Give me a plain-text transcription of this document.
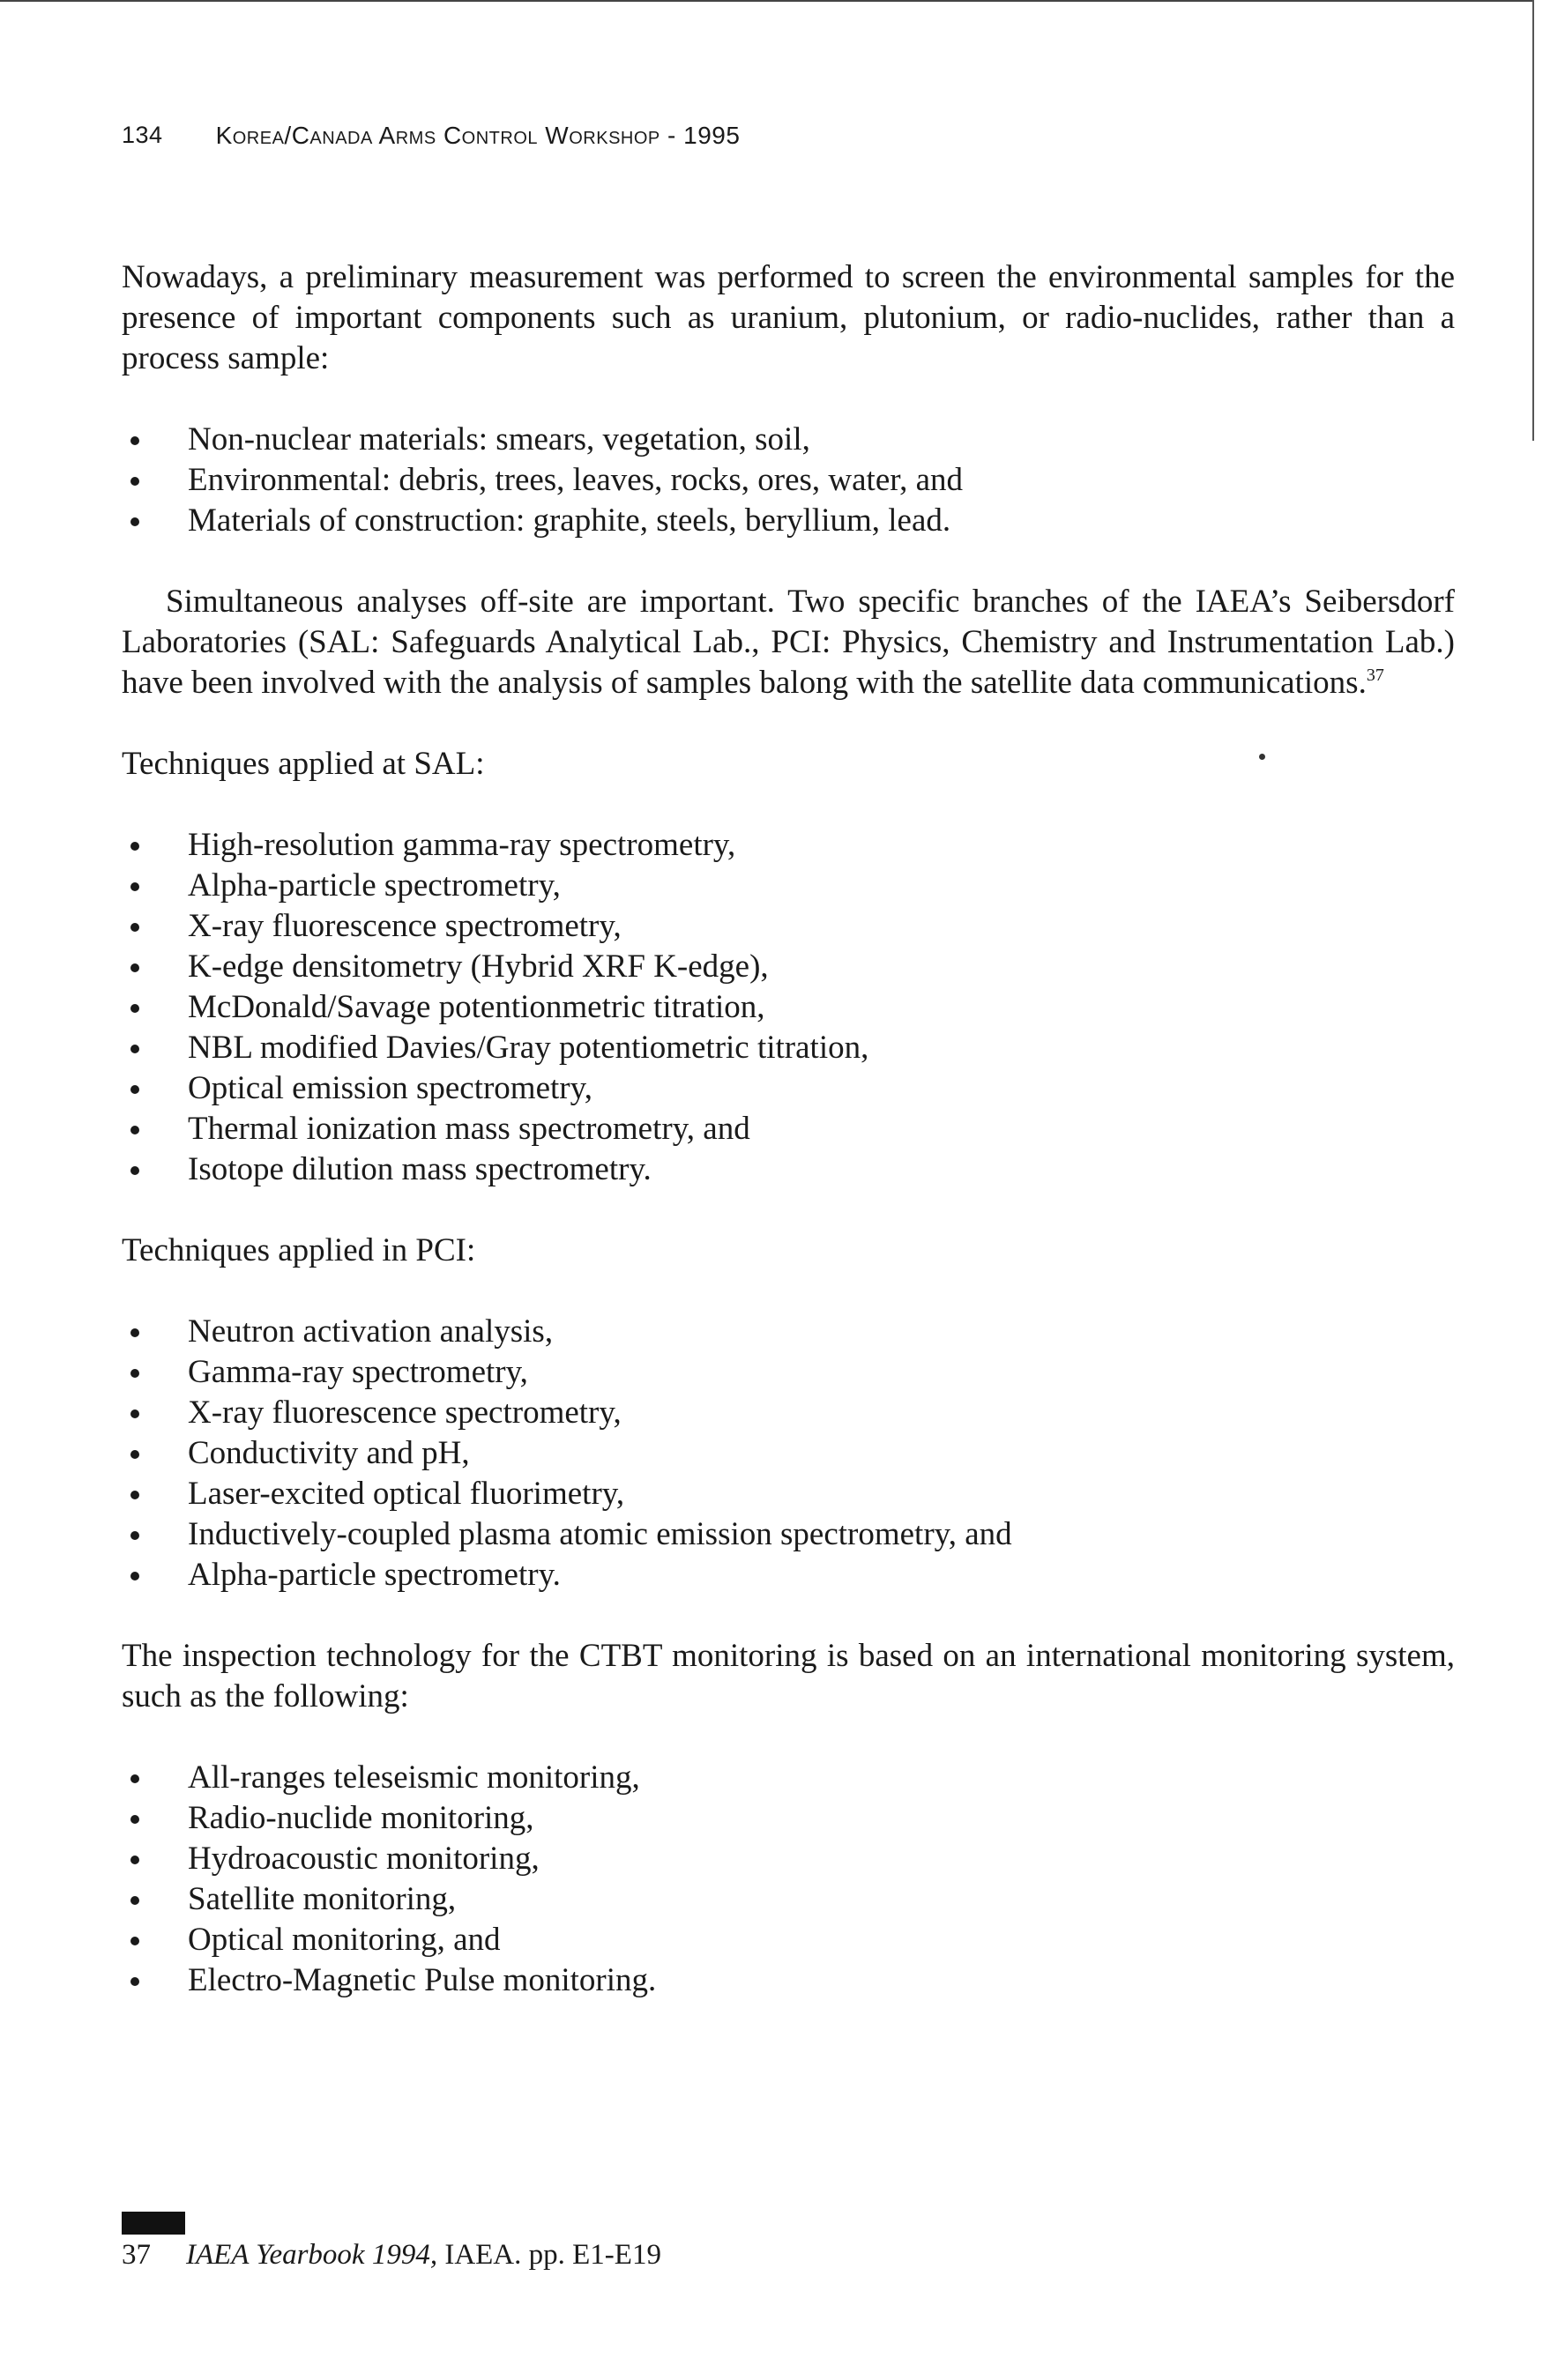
134 Korea/Canada Arms Control Workshop - 1995

Nowadays, a preliminary measurement was performed to screen the environmental samples for the presence of important components such as uranium, plutonium, or radio-nuclides, rather than a process sample:

Non-nuclear materials: smears, vegetation, soil,
Environmental: debris, trees, leaves, rocks, ores, water, and
Materials of construction: graphite, steels, beryllium, lead.

Simultaneous analyses off-site are important. Two specific branches of the IAEA’s Seibersdorf Laboratories (SAL: Safeguards Analytical Lab., PCI: Physics, Chemistry and Instrumentation Lab.) have been involved with the analysis of samples balong with the satellite data communications.$^{37}$

Techniques applied at SAL:

High-resolution gamma-ray spectrometry,
Alpha-particle spectrometry,
X-ray fluorescence spectrometry,
K-edge densitometry (Hybrid XRF K-edge),
McDonald/Savage potentionmetric titration,
NBL modified Davies/Gray potentiometric titration,
Optical emission spectrometry,
Thermal ionization mass spectrometry, and
Isotope dilution mass spectrometry.

Techniques applied in PCI:

Neutron activation analysis,
Gamma-ray spectrometry,
X-ray fluorescence spectrometry,
Conductivity and pH,
Laser-excited optical fluorimetry,
Inductively-coupled plasma atomic emission spectrometry, and
Alpha-particle spectrometry.

The inspection technology for the CTBT monitoring is based on an international monitoring system, such as the following:

All-ranges teleseismic monitoring,
Radio-nuclide monitoring,
Hydroacoustic monitoring,
Satellite monitoring,
Optical monitoring, and
Electro-Magnetic Pulse monitoring.
37 IAEA Yearbook 1994, IAEA. pp. E1-E19
